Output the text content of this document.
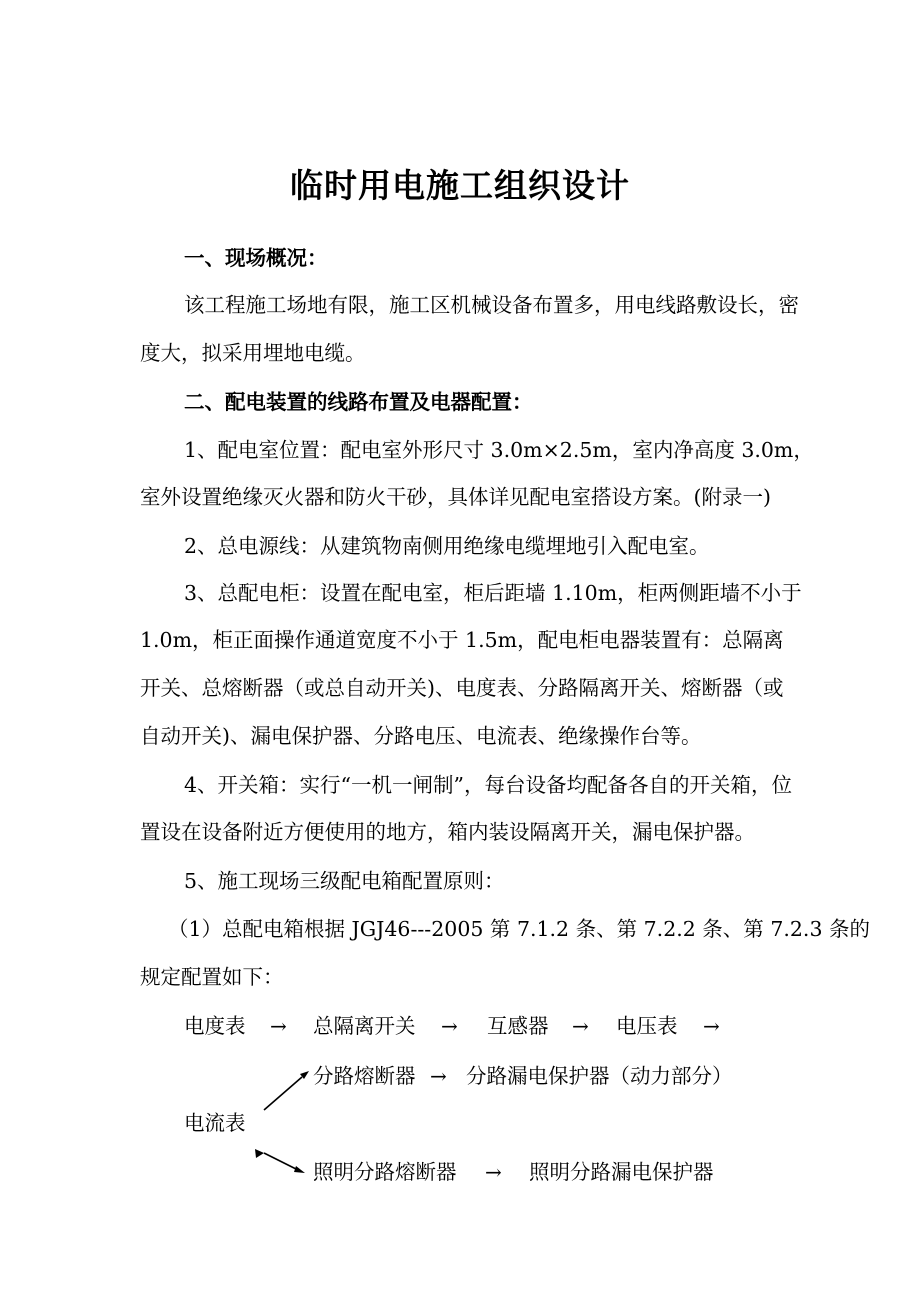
临时用电施工组织设计
一、现场概况：
该工程施工场地有限，施工区机械设备布置多，用电线路敷设长，密
度大，拟采用埋地电缆。
二、配电装置的线路布置及电器配置：
1、配电室位置：配电室外形尺寸 3.0m×2.5m，室内净高度 3.0m，
室外设置绝缘灭火器和防火干砂，具体详见配电室搭设方案。(附录一)
2、总电源线：从建筑物南侧用绝缘电缆埋地引入配电室。
3、总配电柜：设置在配电室，柜后距墙 1.10m，柜两侧距墙不小于
1.0m，柜正面操作通道宽度不小于 1.5m，配电柜电器装置有：总隔离
开关、总熔断器（或总自动开关)、电度表、分路隔离开关、熔断器（或
自动开关)、漏电保护器、分路电压、电流表、绝缘操作台等。
4、开关箱：实行“一机一闸制”，每台设备均配备各自的开关箱，位
置设在设备附近方便使用的地方，箱内装设隔离开关，漏电保护器。
5、施工现场三级配电箱配置原则：
（1）总配电箱根据 JGJ46---2005 第 7.1.2 条、第 7.2.2 条、第 7.2.3 条的
规定配置如下：
电度表 → 总隔离开关 → 互感器 → 电压表 →
分路熔断器 → 分路漏电保护器（动力部分）
电流表
照明分路熔断器 → 照明分路漏电保护器
